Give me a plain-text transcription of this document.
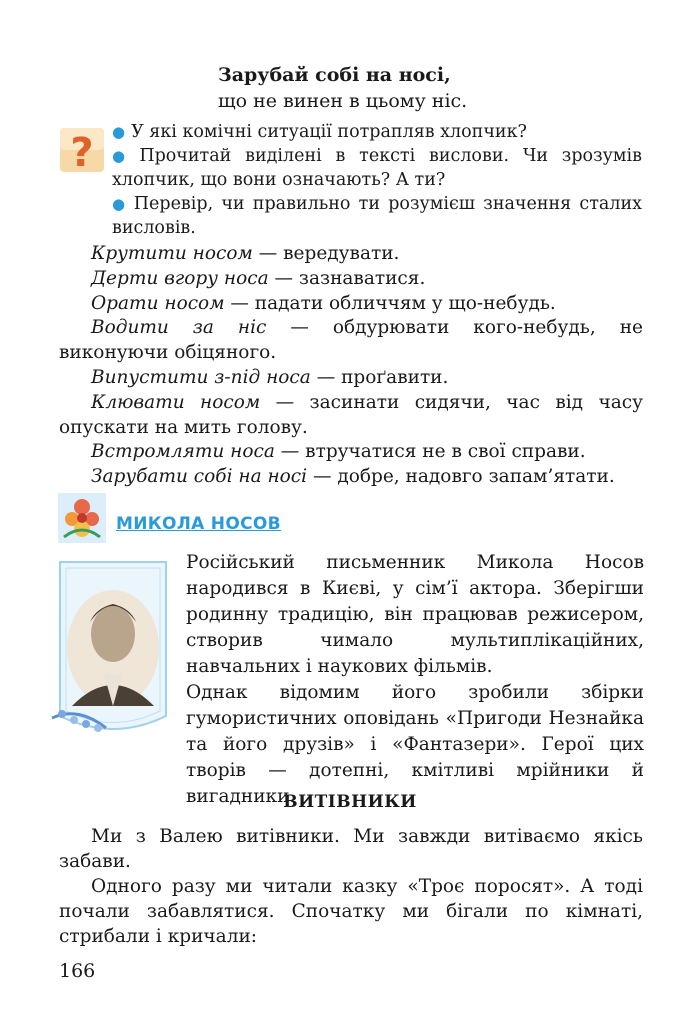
Зарубай собі на носі,
що не винен в цьому ніс.
? ● У які комічні ситуації потрапляв хлопчик?
● Прочитай виділені в тексті вислови. Чи зрозумів хлопчик, що вони означають? А ти?
● Перевір, чи правильно ти розумієш значення сталих висловів.
Крутити носом — вередувати.
Дерти вгору носа — зазнаватися.
Орати носом — падати обличчям у що-небудь.
Водити за ніс — обдурювати кого-небудь, не виконуючи обіцяного.
Випустити з-під носа — проґавити.
Клювати носом — засинати сидячи, час від часу опускати на мить голову.
Встромляти носа — втручатися не в свої справи.
Зарубати собі на носі — добре, надовго запам’ятати.
МИКОЛА НОСОВ

Російський письменник Микола Носов народився в Києві, у сім’ї актора. Зберігши родинну традицію, він працював режисером, створив чимало мультиплікаційних, навчальних і наукових фільмів.

Однак відомим його зробили збірки гумористичних оповідань «Пригоди Незнайка та його друзів» і «Фантазери». Герої цих творів — дотепні, кмітливі мрійники й вигадники.

ВИТІВНИКИ

Ми з Валею витівники. Ми завжди витіваємо якісь забави.

Одного разу ми читали казку «Троє поросят». А тоді почали забавлятися. Спочатку ми бігали по кімнаті, стрибали і кричали:

166
